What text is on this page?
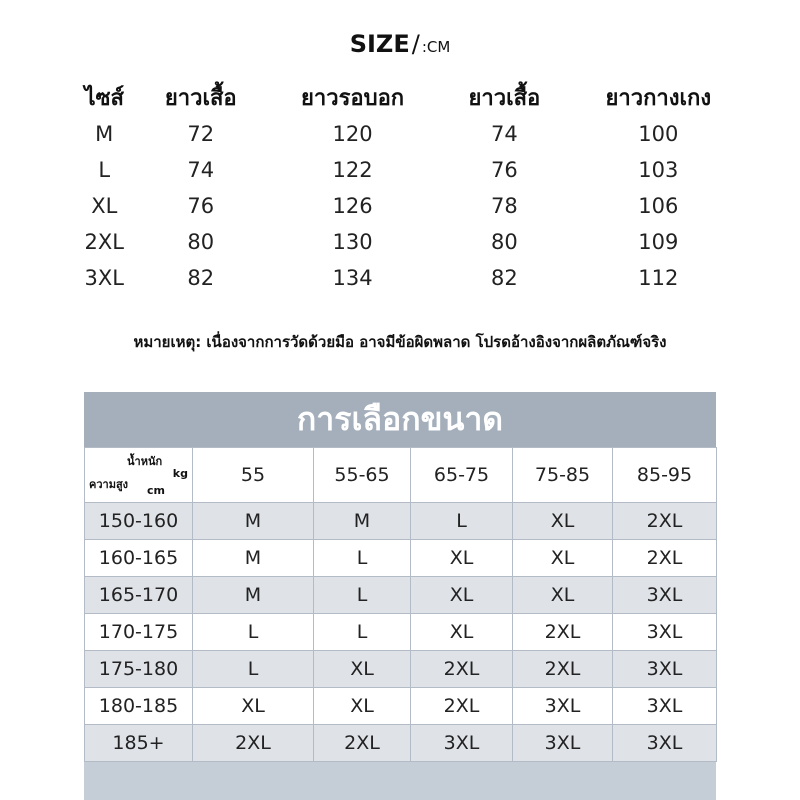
SIZE/ :CM
ไซส์	ยาวเสื้อ	ยาวรอบอก	ยาวเสื้อ	ยาวกางเกง
M	72	120	74	100
L	74	122	76	103
XL	76	126	78	106
2XL	80	130	80	109
3XL	82	134	82	112
หมายเหตุ: เนื่องจากการวัดด้วยมือ อาจมีข้อผิดพลาด โปรดอ้างอิงจากผลิตภัณฑ์จริง
การเลือกขนาด
น้ำหนัก
kg
ความสูง cm	55	55-65	65-75	75-85	85-95
150-160	M	M	L	XL	2XL
160-165	M	L	XL	XL	2XL
165-170	M	L	XL	XL	3XL
170-175	L	L	XL	2XL	3XL
175-180	L	XL	2XL	2XL	3XL
180-185	XL	XL	2XL	3XL	3XL
185+	2XL	2XL	3XL	3XL	3XL
